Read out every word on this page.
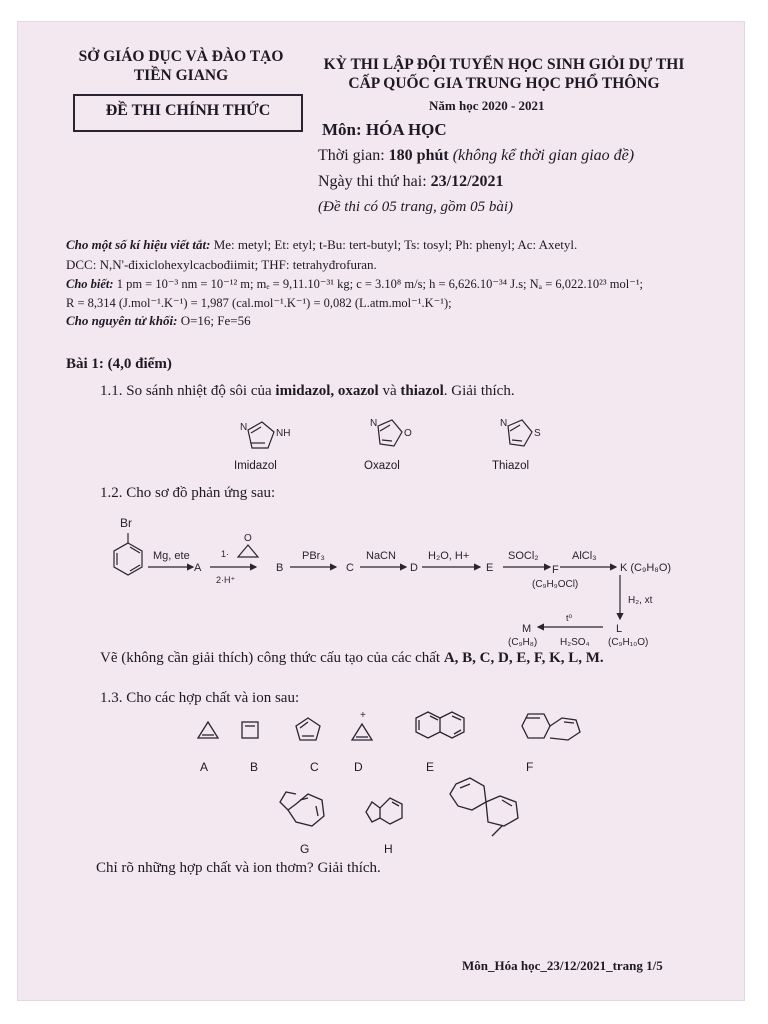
SỞ GIÁO DỤC VÀ ĐÀO TẠO
TIỀN GIANG
KỲ THI LẬP ĐỘI TUYỂN HỌC SINH GIỎI DỰ THI
CẤP QUỐC GIA TRUNG HỌC PHỔ THÔNG
ĐỀ THI CHÍNH THỨC	Năm học 2020 - 2021
Môn: HÓA HỌC
Thời gian: 180 phút (không kể thời gian giao đề)
Ngày thi thứ hai: 23/12/2021
(Đề thi có 05 trang, gồm 05 bài)
Cho một số kí hiệu viết tắt: Me: metyl; Et: etyl; t-Bu: tert-butyl; Ts: tosyl; Ph: phenyl; Ac: Axetyl.
DCC: N,N'-đixiclohexylcacbođiimit; THF: tetrahyđrofuran.
Cho biết: 1 pm = 10⁻³ nm = 10⁻¹² m; mₑ = 9,11.10⁻³¹ kg; c = 3.10⁸ m/s; h = 6,626.10⁻³⁴ J.s; Nₐ = 6,022.10²³ mol⁻¹;
R = 8,314 (J.mol⁻¹.K⁻¹) = 1,987 (cal.mol⁻¹.K⁻¹) = 0,082 (L.atm.mol⁻¹.K⁻¹);
Cho nguyên tử khối: O=16; Fe=56
Bài 1: (4,0 điểm)
1.1. So sánh nhiệt độ sôi của imidazol, oxazol và thiazol. Giải thích.
N
NH
N
O
N
S
Imidazol	Oxazol	Thiazol
1.2. Cho sơ đồ phản ứng sau:
Br
Mg, ete
A
1·
O
2·H⁺
B
PBr₃
C
NaCN
D
H₂O, H+
E
SOCl₂
F
(C₉H₉OCl)
AlCl₃
K (C₉H₈O)
H₂, xt
L
(C₉H₁₀O)
t⁰
H₂SO₄
M
(C₉H₈)
Vẽ (không cần giải thích) công thức cấu tạo của các chất A, B, C, D, E, F, K, L, M.
1.3. Cho các hợp chất và ion sau:
+
A	B	C	D	E	F
G	H
Chỉ rõ những hợp chất và ion thơm? Giải thích.
Môn_Hóa học_23/12/2021_trang 1/5
